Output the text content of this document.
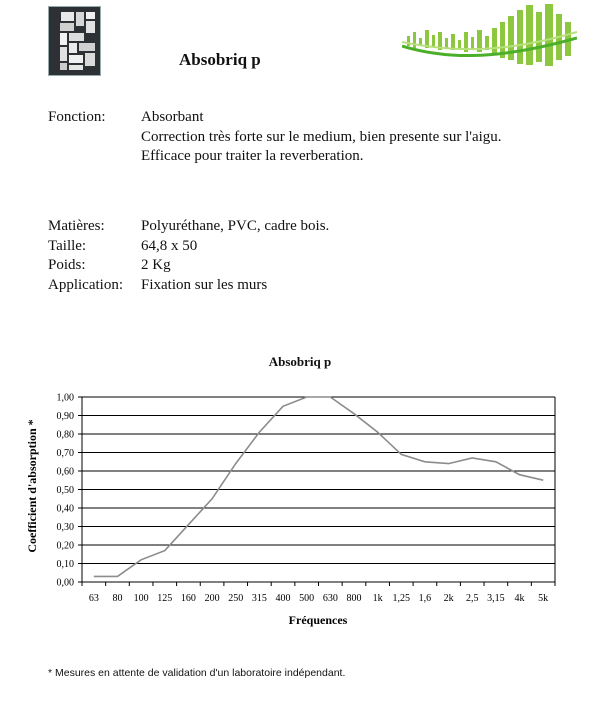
Absobriq p
Fonction:	Absorbant
Correction très forte sur le medium, bien presente sur l'aigu.
Efficace pour traiter la reverberation.
Matières: Polyuréthane, PVC, cadre bois.
Taille:	64,8 x 50
Poids:	2 Kg
Application: Fixation sur les murs
Absobriq p
Coefficient d'absorption *
Fréquences
0,00
0,10
0,20
0,30
0,40
0,50
0,60
0,70
0,80
0,90
1,00
63 80 100 125 160 200 250 315 400 500 630 800 1k 1,25 1,6 2k 2,5 3,15 4k 5k
* Mesures en attente de validation d'un laboratoire indépendant.
